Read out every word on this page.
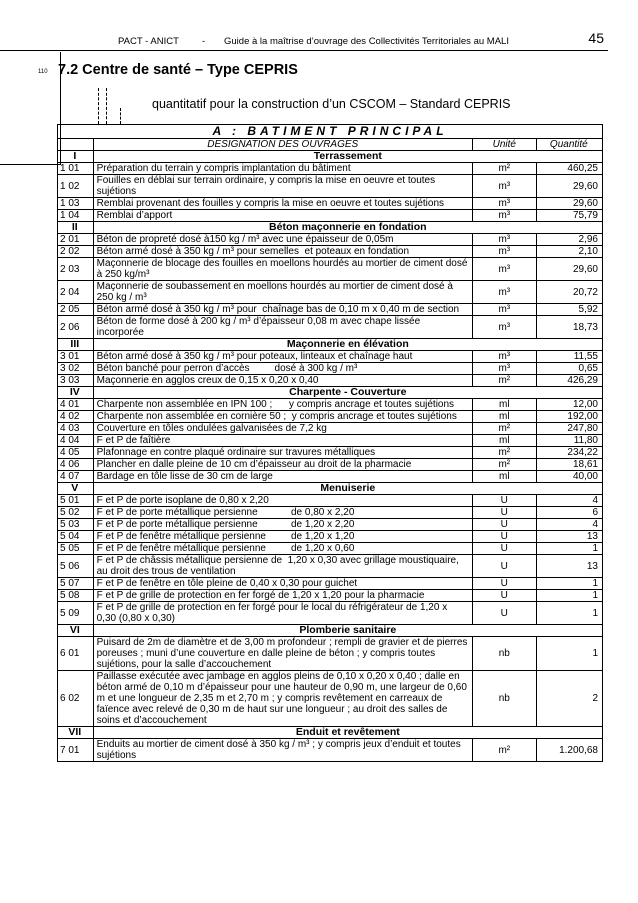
PACT - ANICT - Guide à la maîtrise d’ouvrage des Collectivités Territoriales au MALI	45
110 7.2 Centre de santé – Type CEPRIS
quantitatif pour la construction d’un CSCOM – Standard CEPRIS
A : BATIMENT PRINCIPAL			
	DESIGNATION DES OUVRAGES	Unité	Quantité
I	Terrassement		
1 01	Préparation du terrain y compris implantation du bâtiment	m²	460,25
1 02	Fouilles en déblai sur terrain ordinaire, y compris la mise en oeuvre et toutes sujétions	m³	29,60
1 03	Remblai provenant des fouilles y compris la mise en oeuvre et toutes sujétions	m³	29,60
1 04	Remblai d’apport	m³	75,79
II	Béton maçonnerie en fondation		
2 01	Béton de propreté dosé à150 kg / m³ avec une épaisseur de 0,05m	m³	2,96
2 02	Béton armé dosé à 350 kg / m³ pour semelles  et poteaux en fondation	m³	2,10
2 03	Maçonnerie de blocage des fouilles en moellons hourdés au mortier de ciment dosé à 250 kg/m³	m³	29,60
2 04	Maçonnerie de soubassement en moellons hourdés au mortier de ciment dosé à 250 kg / m³	m³	20,72
2 05	Béton armé dosé à 350 kg / m³ pour  chaînage bas de 0,10 m x 0,40 m de section	m³	5,92
2 06	Béton de forme dosé à 200 kg / m³ d’épaisseur 0,08 m avec chape lissée incorporée	m³	18,73
III	Maçonnerie en élévation		
3 01	Béton armé dosé à 350 kg / m³ pour poteaux, linteaux et chaînage haut	m³	11,55
3 02	Béton banché pour perron d’accès         dosé à 300 kg / m³	m³	0,65
3 03	Maçonnerie en agglos creux de 0,15 x 0,20 x 0,40	m²	426,29
IV	Charpente - Couverture		
4 01	Charpente non assemblée en IPN 100 ;      y compris ancrage et toutes sujétions	ml	12,00
4 02	Charpente non assemblée en cornière 50 ;  y compris ancrage et toutes sujétions	ml	192,00
4 03	Couverture en tôles ondulées galvanisées de 7,2 kg	m²	247,80
4 04	F et P de faîtière	ml	11,80
4 05	Plafonnage en contre plaqué ordinaire sur travures métalliques	m²	234,22
4 06	Plancher en dalle pleine de 10 cm d’épaisseur au droit de la pharmacie	m²	18,61
4 07	Bardage en tôle lisse de 30 cm de large	ml	40,00
V	Menuiserie		
5 01	F et P de porte isoplane de 0,80 x 2,20	U	4
5 02	F et P de porte métallique persienne            de 0,80 x 2,20	U	6
5 03	F et P de porte métallique persienne            de 1,20 x 2,20	U	4
5 04	F et P de fenêtre métallique persienne         de 1,20 x 1,20	U	13
5 05	F et P de fenêtre métallique persienne         de 1,20 x 0,60	U	1
5 06	F et P de châssis métallique persienne de  1,20 x 0,30 avec grillage moustiquaire, au droit des trous de ventilation	U	13
5 07	F et P de fenêtre en tôle pleine de 0,40 x 0,30 pour guichet	U	1
5 08	F et P de grille de protection en fer forgé de 1,20 x 1,20 pour la pharmacie	U	1
5 09	F et P de grille de protection en fer forgé pour le local du réfrigérateur de 1,20 x 0,30 (0,80 x 0,30)	U	1
VI	Plomberie sanitaire		
6 01	Puisard de 2m de diamètre et de 3,00 m profondeur ; rempli de gravier et de pierres poreuses ; muni d’une couverture en dalle pleine de béton ; y compris toutes sujétions, pour la salle d’accouchement	nb	1
6 02	Paillasse exécutée avec jambage en agglos pleins de 0,10 x 0,20 x 0,40 ; dalle en béton armé de 0,10 m d’épaisseur pour une hauteur de 0,90 m, une largeur de 0,60 m et une longueur de 2,35 m et 2,70 m ; y compris revêtement en carreaux de faïence avec relevé de 0,30 m de haut sur une longueur ; au droit des salles de soins et d’accouchement	nb	2
VII	Enduit et revêtement		
7 01	Enduits au mortier de ciment dosé à 350 kg / m³ ; y compris jeux d’enduit et toutes sujétions	m²	1.200,68
